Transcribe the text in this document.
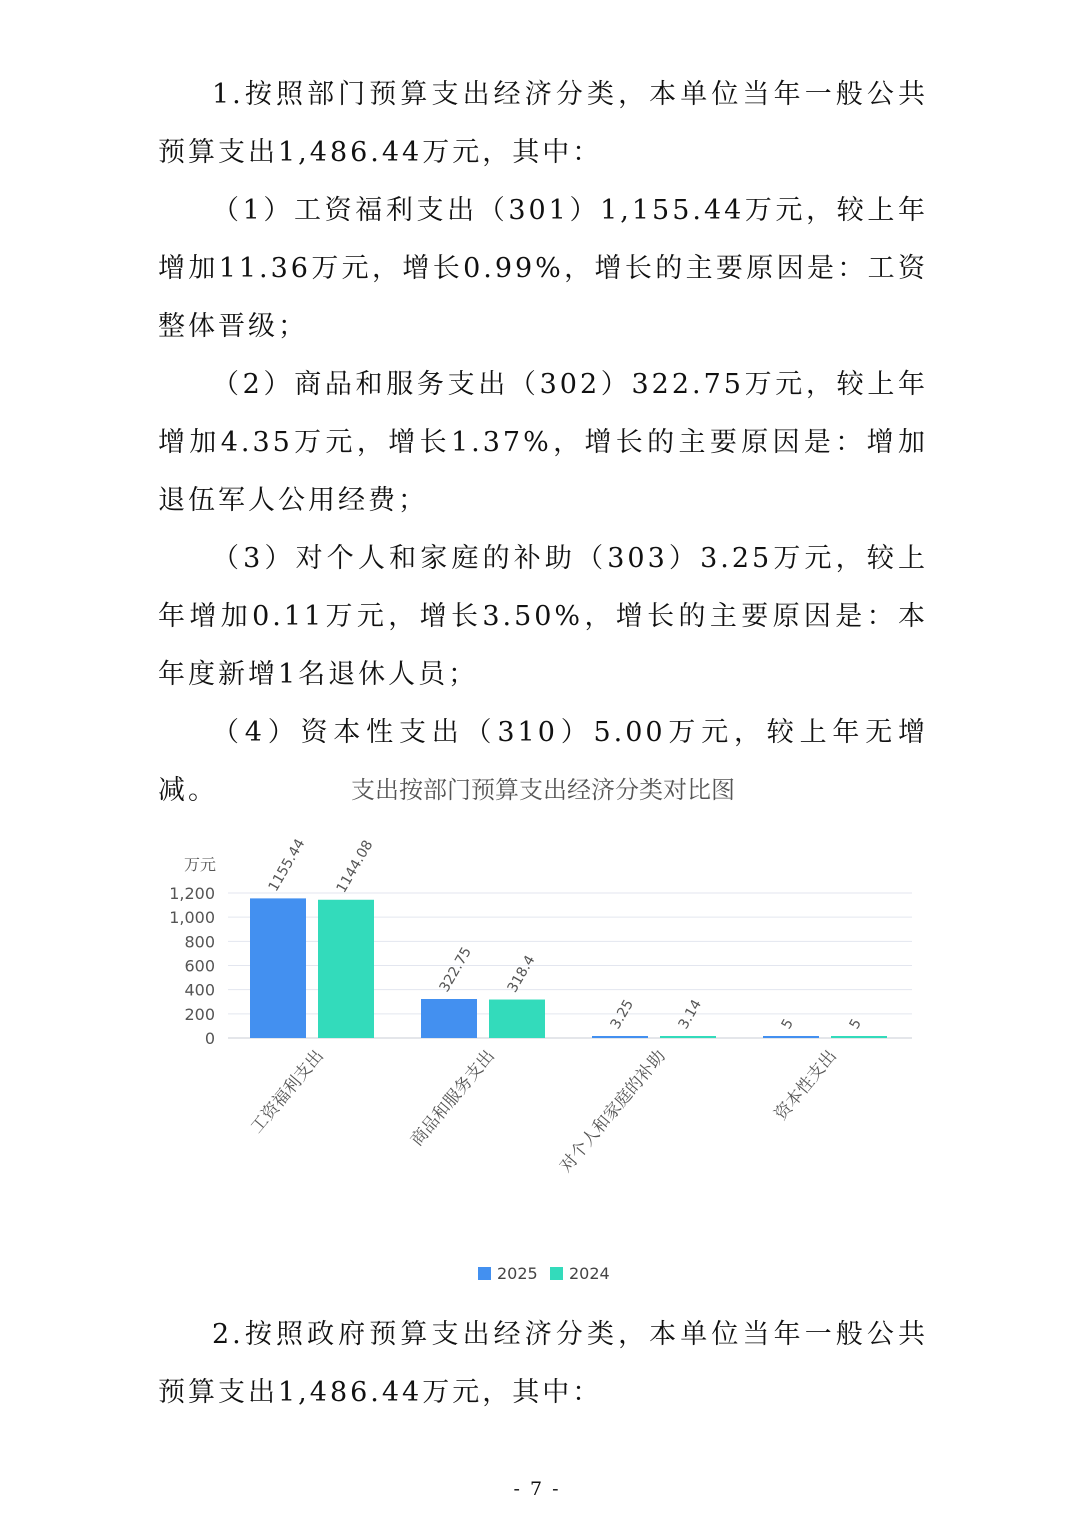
1.按照部门预算支出经济分类，本单位当年一般公共预算支出1,486.44万元，其中：

（1）工资福利支出（301）1,155.44万元，较上年增加11.36万元，增长0.99%，增长的主要原因是：工资整体晋级；

（2）商品和服务支出（302）322.75万元，较上年增加4.35万元，增长1.37%，增长的主要原因是：增加退伍军人公用经费；

（3）对个人和家庭的补助（303）3.25万元，较上年增加0.11万元，增长3.50%，增长的主要原因是：本年度新增1名退休人员；

（4）资本性支出（310）5.00万元，较上年无增减。	支出按部门预算支出经济分类对比图
万元
0
200
400
600
800
1,000
1,200	1155.44 1144.08
322.75 318.4
3.25	3.14	5	5
工资福利支出	商品和服务支出	对个人和家庭的补助	资本性支出
2025 2024

2.按照政府预算支出经济分类，本单位当年一般公共预算支出1,486.44万元，其中：

- 7 -
